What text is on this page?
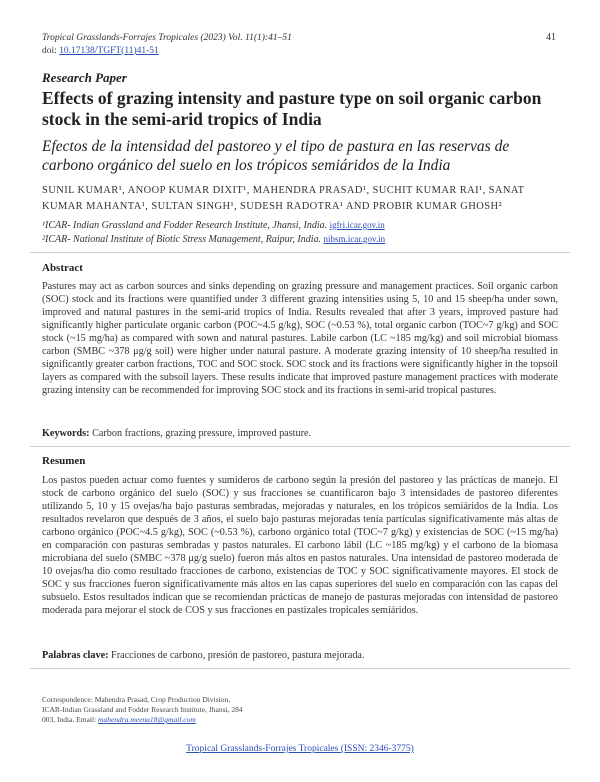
Tropical Grasslands-Forrajes Tropicales (2023) Vol. 11(1):41–51
doi: 10.17138/TGFT(11)41-51
41
Research Paper
Effects of grazing intensity and pasture type on soil organic carbon stock in the semi-arid tropics of India
Efectos de la intensidad del pastoreo y el tipo de pastura en las reservas de carbono orgánico del suelo en los trópicos semiáridos de la India
SUNIL KUMAR¹, ANOOP KUMAR DIXIT¹, MAHENDRA PRASAD¹, SUCHIT KUMAR RAI¹, SANAT KUMAR MAHANTA¹, SULTAN SINGH¹, SUDESH RADOTRA¹ AND PROBIR KUMAR GHOSH²
¹ICAR- Indian Grassland and Fodder Research Institute, Jhansi, India. igfri.icar.gov.in
²ICAR- National Institute of Biotic Stress Management, Raipur, India. nibsm.icar.gov.in
Abstract
Pastures may act as carbon sources and sinks depending on grazing pressure and management practices. Soil organic carbon (SOC) stock and its fractions were quantified under 3 different grazing intensities using 5, 10 and 15 sheep/ha under sown, improved and natural pastures in the semi-arid tropics of India. Results revealed that after 3 years, improved pasture had significantly higher particulate organic carbon (POC~4.5 g/kg), SOC (~0.53 %), total organic carbon (TOC~7 g/kg) and SOC stock (~15 mg/ha) as compared with sown and natural pastures. Labile carbon (LC ~185 mg/kg) and soil microbial biomass carbon (SMBC ~378 μg/g soil) were higher under natural pasture. A moderate grazing intensity of 10 sheep/ha resulted in significantly greater carbon fractions, TOC and SOC stock. SOC stock and its fractions were significantly higher in the topsoil layers as compared with the subsoil layers. These results indicate that improved pasture management practices with moderate grazing intensity can be recommended for improving SOC stock and its fractions in semi-arid tropical pastures.
Keywords: Carbon fractions, grazing pressure, improved pasture.
Resumen
Los pastos pueden actuar como fuentes y sumideros de carbono según la presión del pastoreo y las prácticas de manejo. El stock de carbono orgánico del suelo (SOC) y sus fracciones se cuantificaron bajo 3 intensidades de pastoreo diferentes utilizando 5, 10 y 15 ovejas/ha bajo pasturas sembradas, mejoradas y naturales, en los trópicos semiáridos de la India. Los resultados revelaron que después de 3 años, el suelo bajo pasturas mejoradas tenía partículas significativamente más altas de carbono orgánico (POC~4.5 g/kg), SOC (~0.53 %), carbono orgánico total (TOC~7 g/kg) y existencias de SOC (~15 mg/ha) en comparación con pasturas sembradas y pastos naturales. El carbono lábil (LC ~185 mg/kg) y el carbono de la biomasa microbiana del suelo (SMBC ~378 μg/g suelo) fueron más altos en pastos naturales. Una intensidad de pastoreo moderada de 10 ovejas/ha dio como resultado fracciones de carbono, existencias de TOC y SOC significativamente mayores. El stock de SOC y sus fracciones fueron significativamente más altos en las capas superiores del suelo en comparación con las capas del subsuelo. Estos resultados indican que se recomiendan prácticas de manejo de pasturas mejoradas con intensidad de pastoreo moderada para mejorar el stock de COS y sus fracciones en pastizales tropicales semiáridos.
Palabras clave: Fracciones de carbono, presión de pastoreo, pastura mejorada.
Correspondence: Mahendra Prasad, Crop Production Division,
ICAR-Indian Grassland and Fodder Research Institute, Jhansi, 284
003, India. Email: mahendra.meena18@gmail.com
Tropical Grasslands-Forrajes Tropicales (ISSN: 2346-3775)
